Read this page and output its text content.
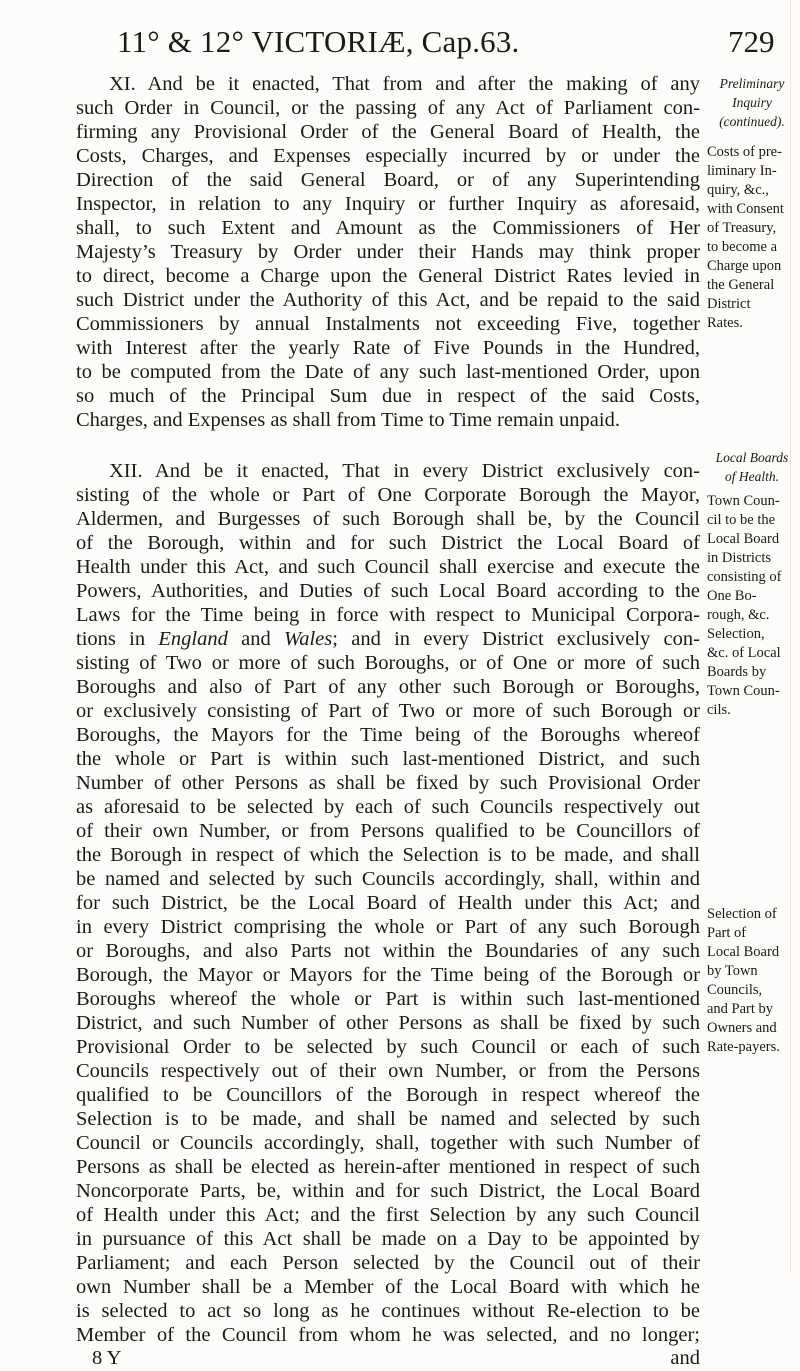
11° & 12° VICTORIÆ, Cap.63.	729
XI. And be it enacted, That from and after the making of any
such Order in Council, or the passing of any Act of Parliament con-
firming any Provisional Order of the General Board of Health, the
Costs, Charges, and Expenses especially incurred by or under the
Direction of the said General Board, or of any Superintending
Inspector, in relation to any Inquiry or further Inquiry as aforesaid,
shall, to such Extent and Amount as the Commissioners of Her
Majesty’s Treasury by Order under their Hands may think proper
to direct, become a Charge upon the General District Rates levied in
such District under the Authority of this Act, and be repaid to the said
Commissioners by annual Instalments not exceeding Five, together
with Interest after the yearly Rate of Five Pounds in the Hundred,
to be computed from the Date of any such last-mentioned Order, upon
so much of the Principal Sum due in respect of the said Costs,
Charges, and Expenses as shall from Time to Time remain unpaid.
XII. And be it enacted, That in every District exclusively con-
sisting of the whole or Part of One Corporate Borough the Mayor,
Aldermen, and Burgesses of such Borough shall be, by the Council
of the Borough, within and for such District the Local Board of
Health under this Act, and such Council shall exercise and execute the
Powers, Authorities, and Duties of such Local Board according to the
Laws for the Time being in force with respect to Municipal Corpora-
tions in England and Wales; and in every District exclusively con-
sisting of Two or more of such Boroughs, or of One or more of such
Boroughs and also of Part of any other such Borough or Boroughs,
or exclusively consisting of Part of Two or more of such Borough or
Boroughs, the Mayors for the Time being of the Boroughs whereof
the whole or Part is within such last-mentioned District, and such
Number of other Persons as shall be fixed by such Provisional Order
as aforesaid to be selected by each of such Councils respectively out
of their own Number, or from Persons qualified to be Councillors of
the Borough in respect of which the Selection is to be made, and shall
be named and selected by such Councils accordingly, shall, within and
for such District, be the Local Board of Health under this Act; and
in every District comprising the whole or Part of any such Borough
or Boroughs, and also Parts not within the Boundaries of any such
Borough, the Mayor or Mayors for the Time being of the Borough or
Boroughs whereof the whole or Part is within such last-mentioned
District, and such Number of other Persons as shall be fixed by such
Provisional Order to be selected by such Council or each of such
Councils respectively out of their own Number, or from the Persons
qualified to be Councillors of the Borough in respect whereof the
Selection is to be made, and shall be named and selected by such
Council or Councils accordingly, shall, together with such Number of
Persons as shall be elected as herein-after mentioned in respect of such
Noncorporate Parts, be, within and for such District, the Local Board
of Health under this Act; and the first Selection by any such Council
in pursuance of this Act shall be made on a Day to be appointed by
Parliament; and each Person selected by the Council out of their
own Number shall be a Member of the Local Board with which he
is selected to act so long as he continues without Re-election to be
Member of the Council from whom he was selected, and no longer;
8 Y	and
Preliminary
Inquiry
(continued).
Costs of pre-
liminary In-
quiry, &c.,
with Consent
of Treasury,
to become a
Charge upon
the General
District
Rates.
Local Boards
of Health.
Town Coun-
cil to be the
Local Board
in Districts
consisting of
One Bo-
rough, &c.
Selection,
&c. of Local
Boards by
Town Coun-
cils.
Selection of
Part of
Local Board
by Town
Councils,
and Part by
Owners and
Rate-payers.
